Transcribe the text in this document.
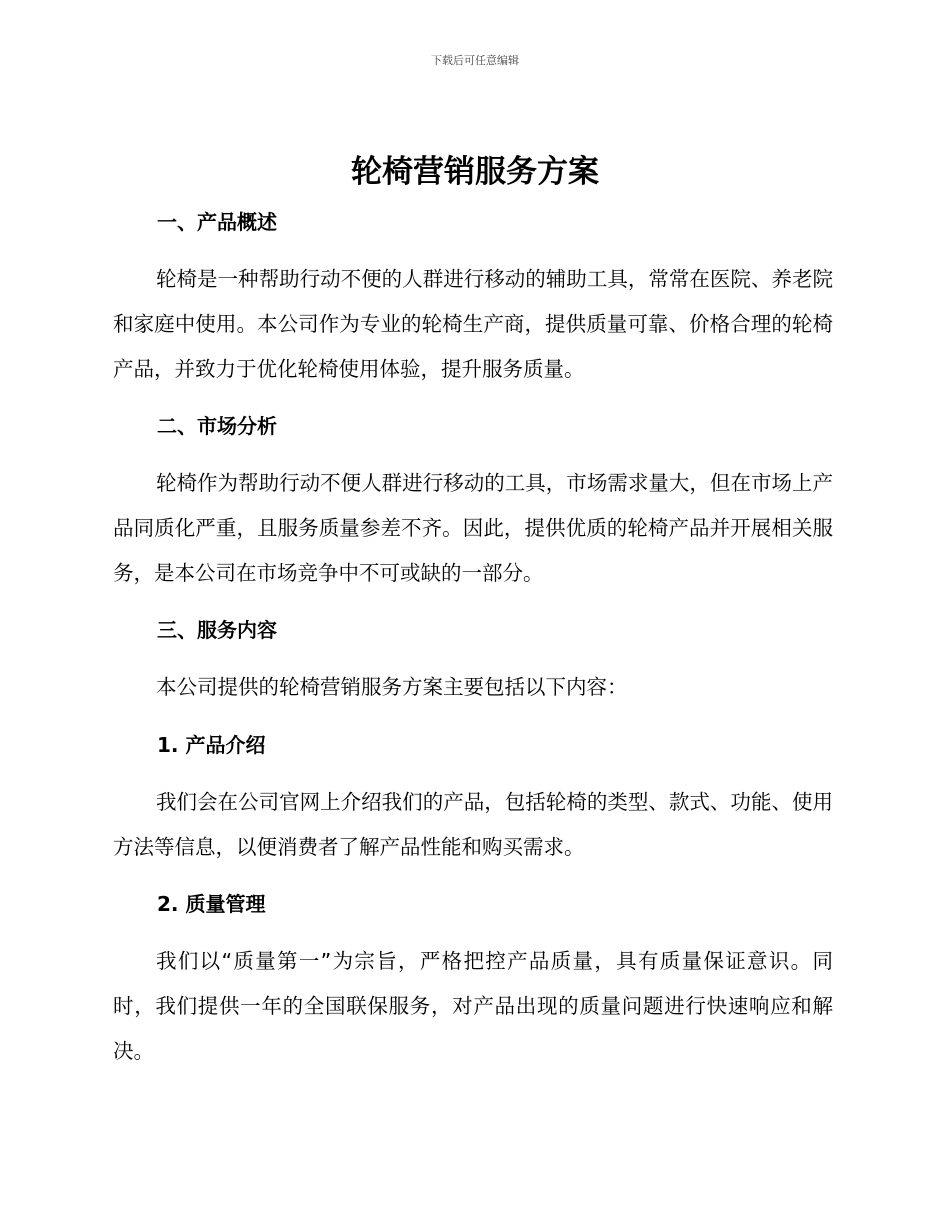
下载后可任意编辑
轮椅营销服务方案
一、产品概述

轮椅是一种帮助行动不便的人群进行移动的辅助工具，常常在医院、养老院和家庭中使用。本公司作为专业的轮椅生产商，提供质量可靠、价格合理的轮椅产品，并致力于优化轮椅使用体验，提升服务质量。

二、市场分析

轮椅作为帮助行动不便人群进行移动的工具，市场需求量大，但在市场上产品同质化严重，且服务质量参差不齐。因此，提供优质的轮椅产品并开展相关服务，是本公司在市场竞争中不可或缺的一部分。

三、服务内容

本公司提供的轮椅营销服务方案主要包括以下内容：

1. 产品介绍

我们会在公司官网上介绍我们的产品，包括轮椅的类型、款式、功能、使用方法等信息，以便消费者了解产品性能和购买需求。

2. 质量管理

我们以“质量第一”为宗旨，严格把控产品质量，具有质量保证意识。同时，我们提供一年的全国联保服务，对产品出现的质量问题进行快速响应和解决。
